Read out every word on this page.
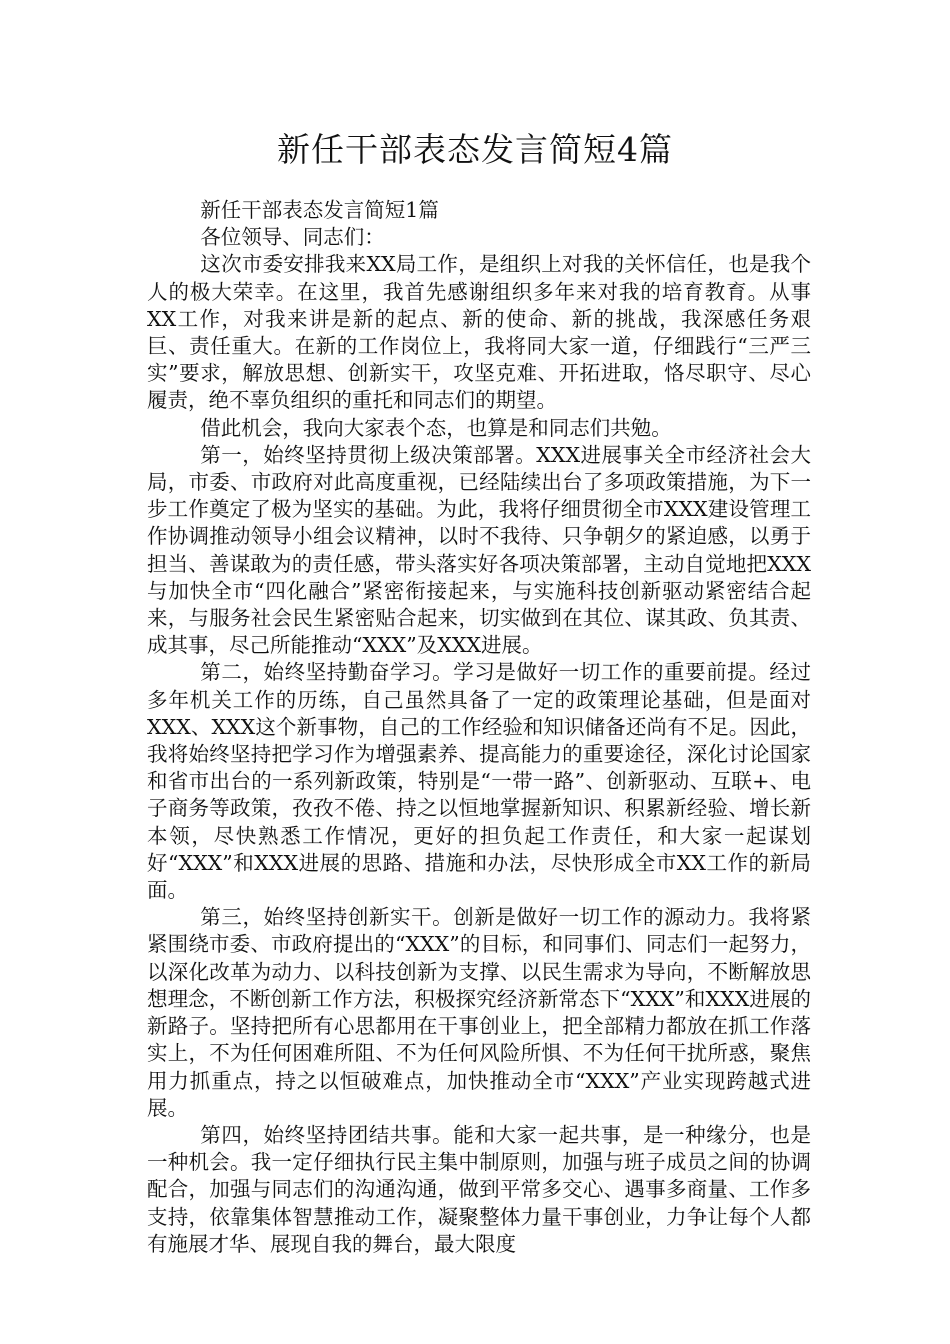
新任干部表态发言简短4篇

新任干部表态发言简短1篇

各位领导、同志们：

这次市委安排我来XX局工作，是组织上对我的关怀信任，也是我个人的极大荣幸。在这里，我首先感谢组织多年来对我的培育教育。从事XX工作，对我来讲是新的起点、新的使命、新的挑战，我深感任务艰巨、责任重大。在新的工作岗位上，我将同大家一道，仔细践行“三严三实”要求，解放思想、创新实干，攻坚克难、开拓进取，恪尽职守、尽心履责，绝不辜负组织的重托和同志们的期望。

借此机会，我向大家表个态，也算是和同志们共勉。

第一，始终坚持贯彻上级决策部署。XXX进展事关全市经济社会大局，市委、市政府对此高度重视，已经陆续出台了多项政策措施，为下一步工作奠定了极为坚实的基础。为此，我将仔细贯彻全市XXX建设管理工作协调推动领导小组会议精神，以时不我待、只争朝夕的紧迫感，以勇于担当、善谋敢为的责任感，带头落实好各项决策部署，主动自觉地把XXX与加快全市“四化融合”紧密衔接起来，与实施科技创新驱动紧密结合起来，与服务社会民生紧密贴合起来，切实做到在其位、谋其政、负其责、成其事，尽己所能推动“XXX”及XXX进展。

第二，始终坚持勤奋学习。学习是做好一切工作的重要前提。经过多年机关工作的历练，自己虽然具备了一定的政策理论基础，但是面对XXX、XXX这个新事物，自己的工作经验和知识储备还尚有不足。因此，我将始终坚持把学习作为增强素养、提高能力的重要途径，深化讨论国家和省市出台的一系列新政策，特别是“一带一路”、创新驱动、互联+、电子商务等政策，孜孜不倦、持之以恒地掌握新知识、积累新经验、增长新本领，尽快熟悉工作情况，更好的担负起工作责任，和大家一起谋划好“XXX”和XXX进展的思路、措施和办法，尽快形成全市XX工作的新局面。

第三，始终坚持创新实干。创新是做好一切工作的源动力。我将紧紧围绕市委、市政府提出的“XXX”的目标，和同事们、同志们一起努力，以深化改革为动力、以科技创新为支撑、以民生需求为导向，不断解放思想理念，不断创新工作方法，积极探究经济新常态下“XXX”和XXX进展的新路子。坚持把所有心思都用在干事创业上，把全部精力都放在抓工作落实上，不为任何困难所阻、不为任何风险所惧、不为任何干扰所惑，聚焦用力抓重点，持之以恒破难点，加快推动全市“XXX”产业实现跨越式进展。

第四，始终坚持团结共事。能和大家一起共事，是一种缘分，也是一种机会。我一定仔细执行民主集中制原则，加强与班子成员之间的协调配合，加强与同志们的沟通沟通，做到平常多交心、遇事多商量、工作多支持，依靠集体智慧推动工作，凝聚整体力量干事创业，力争让每个人都有施展才华、展现自我的舞台，最大限度
